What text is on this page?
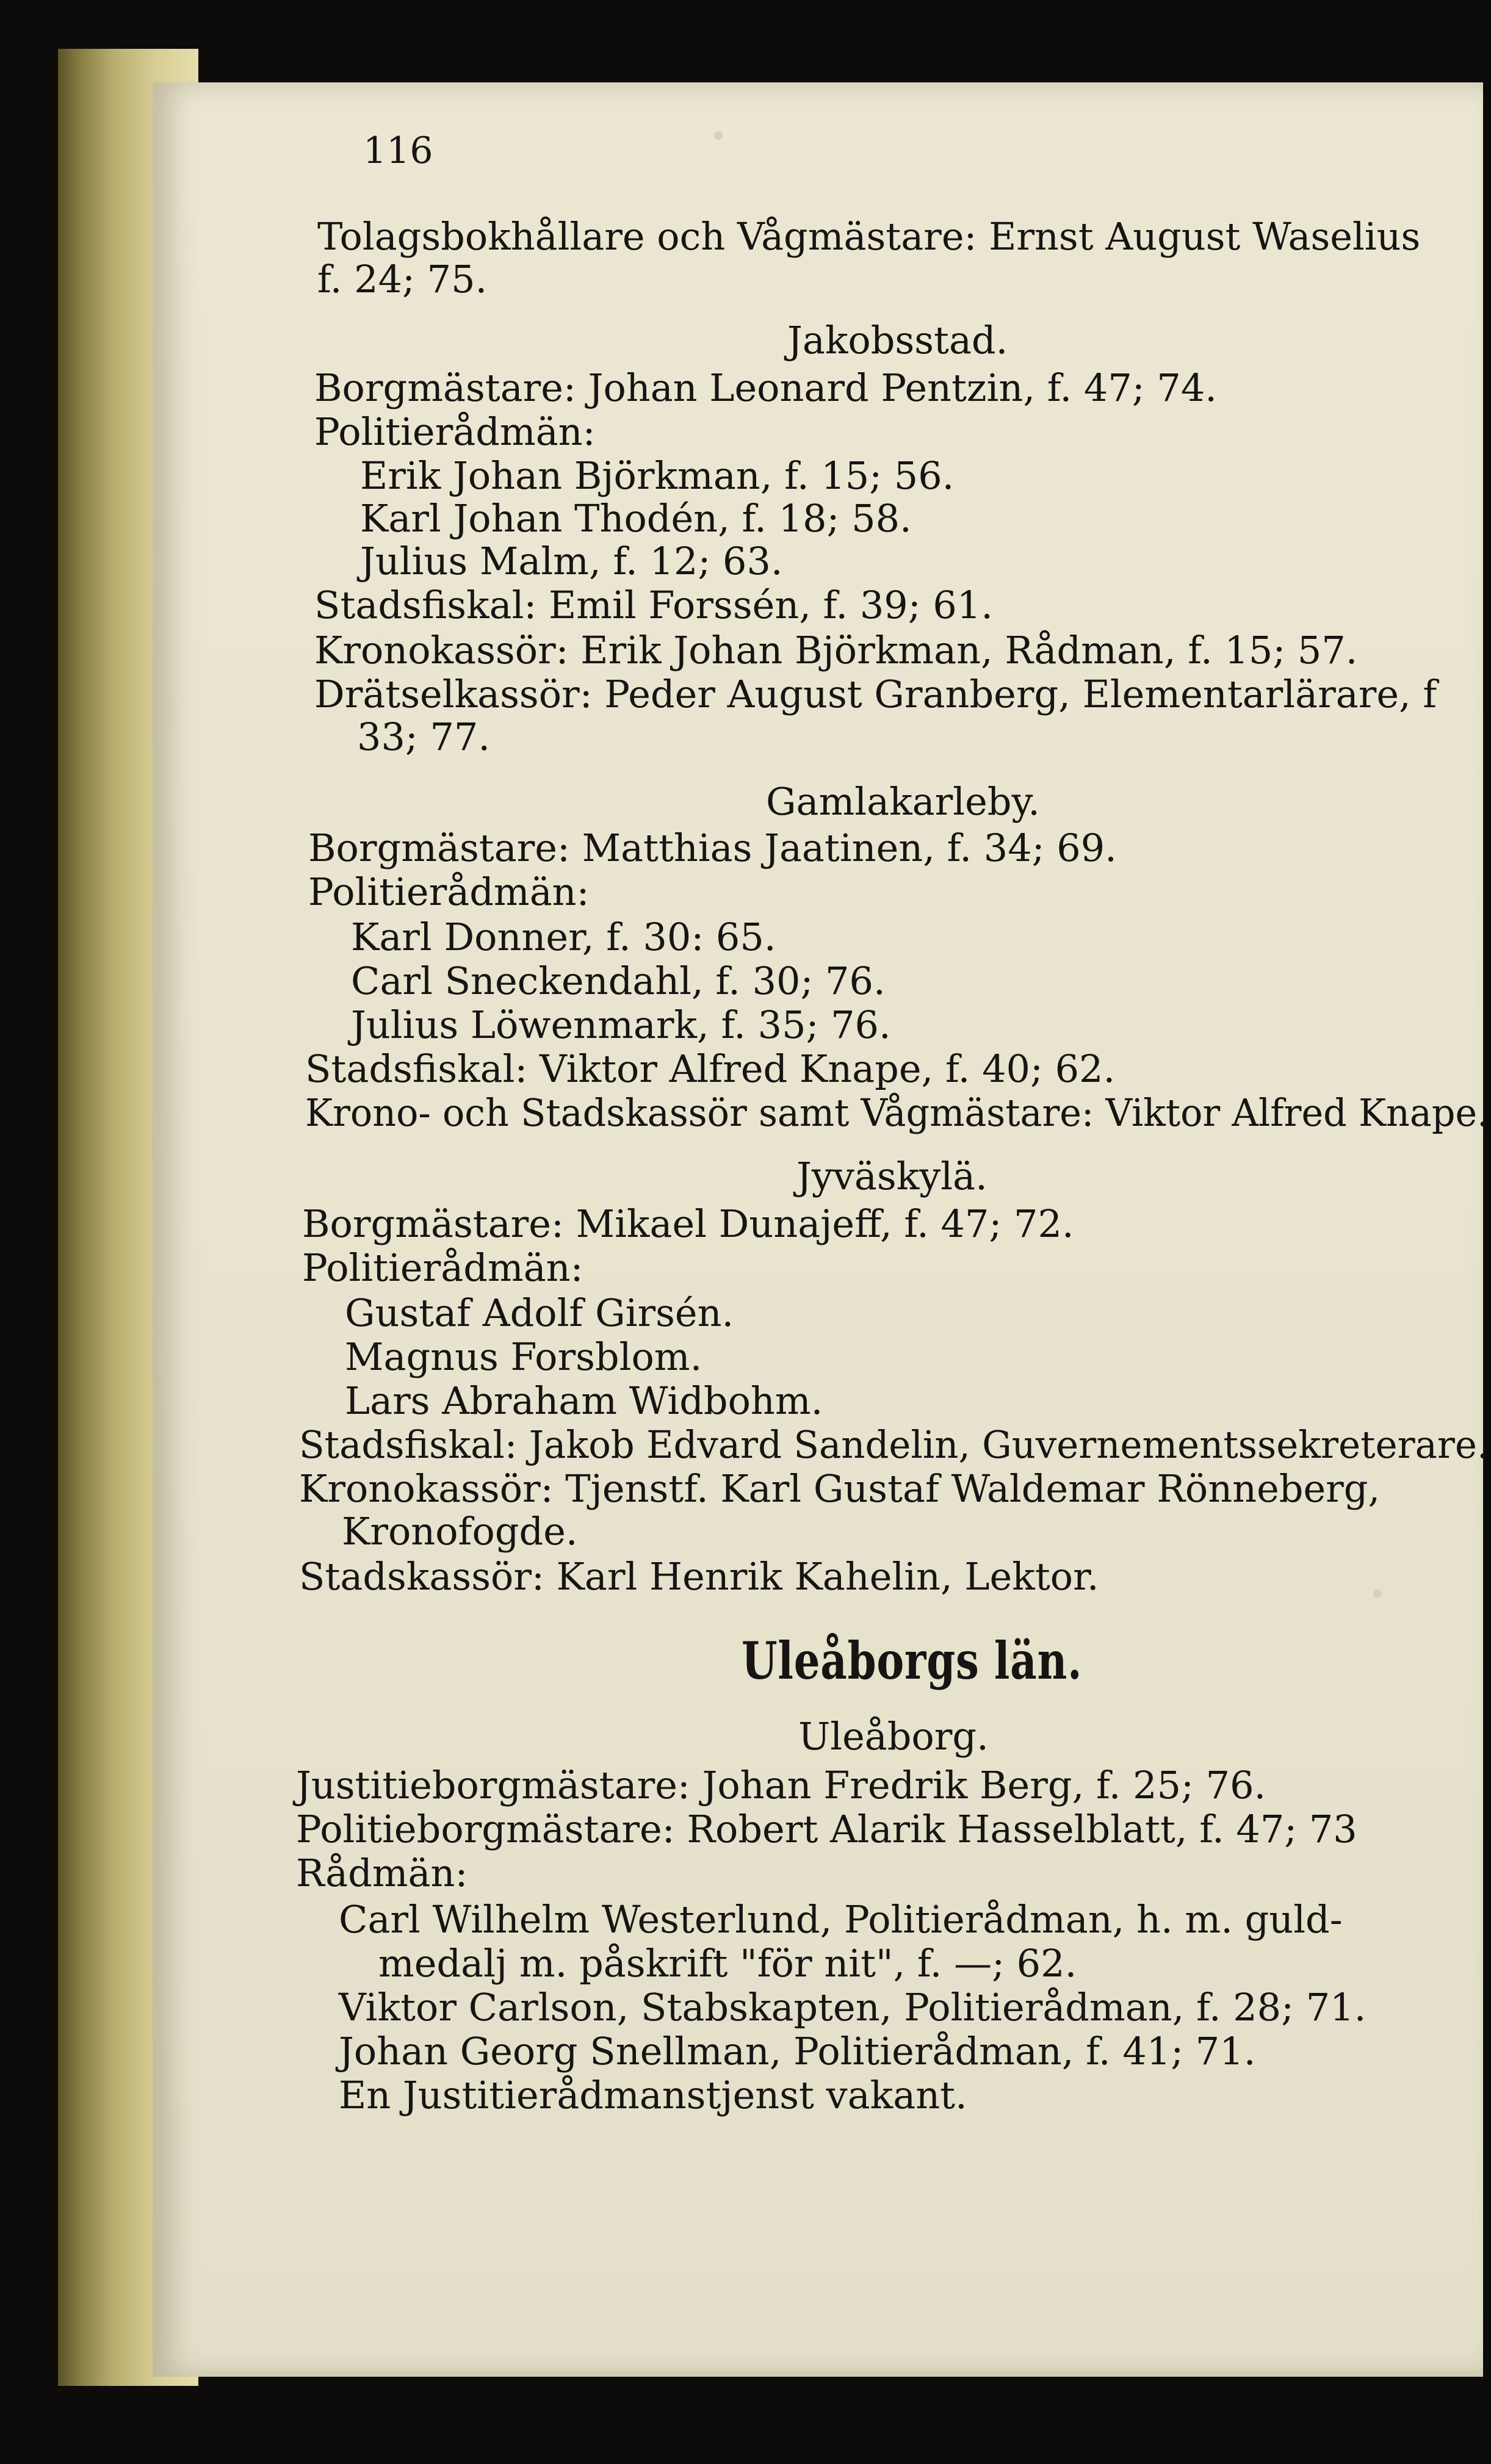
116
Tolagsbokhållare och Vågmästare: Ernst August Waselius
f. 24; 75.
Jakobsstad.
Borgmästare: Johan Leonard Pentzin, f. 47; 74.
Politierådmän:
Erik Johan Björkman, f. 15; 56.
Karl Johan Thodén, f. 18; 58.
Julius Malm, f. 12; 63.
Stadsfiskal: Emil Forssén, f. 39; 61.
Kronokassör: Erik Johan Björkman, Rådman, f. 15; 57.
Drätselkassör: Peder August Granberg, Elementarlärare, f
33; 77.
Gamlakarleby.
Borgmästare: Matthias Jaatinen, f. 34; 69.
Politierådmän:
Karl Donner, f. 30: 65.
Carl Sneckendahl, f. 30; 76.
Julius Löwenmark, f. 35; 76.
Stadsfiskal: Viktor Alfred Knape, f. 40; 62.
Krono- och Stadskassör samt Vågmästare: Viktor Alfred Knape.
Jyväskylä.
Borgmästare: Mikael Dunajeff, f. 47; 72.
Politierådmän:
Gustaf Adolf Girsén.
Magnus Forsblom.
Lars Abraham Widbohm.
Stadsfiskal: Jakob Edvard Sandelin, Guvernementssekreterare.
Kronokassör: Tjenstf. Karl Gustaf Waldemar Rönneberg,
Kronofogde.
Stadskassör: Karl Henrik Kahelin, Lektor.
Uleåborgs län.
Uleåborg.
Justitieborgmästare: Johan Fredrik Berg, f. 25; 76.
Politieborgmästare: Robert Alarik Hasselblatt, f. 47; 73
Rådmän:
Carl Wilhelm Westerlund, Politierådman, h. m. guld-
medalj m. påskrift "för nit", f. —; 62.
Viktor Carlson, Stabskapten, Politierådman, f. 28; 71.
Johan Georg Snellman, Politierådman, f. 41; 71.
En Justitierådmanstjenst vakant.
